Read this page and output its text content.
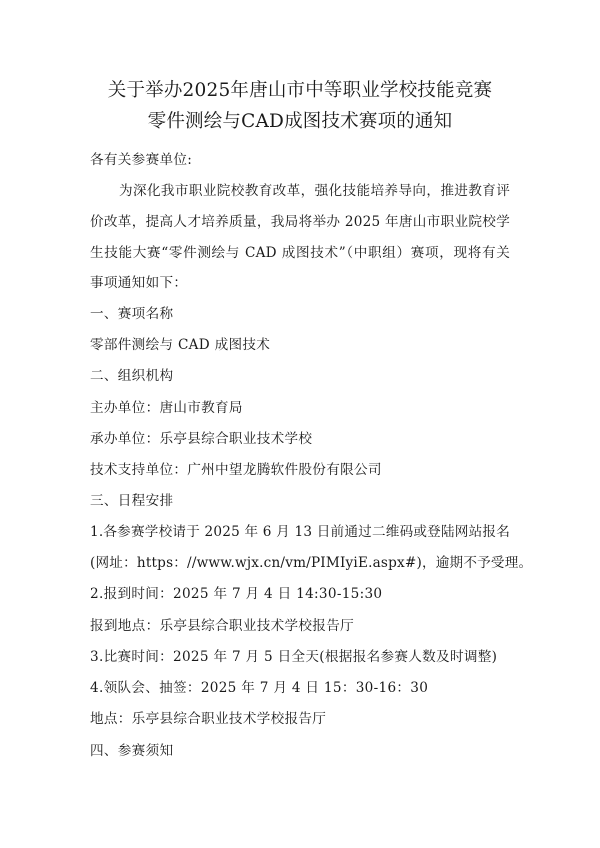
关于举办2025年唐山市中等职业学校技能竞赛
零件测绘与CAD成图技术赛项的通知
各有关参赛单位:
为深化我市职业院校教育改革，强化技能培养导向，推进教育评
价改革，提高人才培养质量，我局将举办 2025 年唐山市职业院校学
生技能大赛“零件测绘与 CAD 成图技术”（中职组）赛项，现将有关
事项通知如下：
一、赛项名称
零部件测绘与 CAD 成图技术
二、组织机构
主办单位：唐山市教育局
承办单位：乐亭县综合职业技术学校
技术支持单位：广州中望龙腾软件股份有限公司
三、日程安排
1.各参赛学校请于 2025 年 6 月 13 日前通过二维码或登陆网站报名
(网址：https：//www.wjx.cn/vm/PIMIyiE.aspx#)，逾期不予受理。
2.报到时间：2025 年 7 月 4 日 14:30-15:30
报到地点：乐亭县综合职业技术学校报告厅
3.比赛时间：2025 年 7 月 5 日全天(根据报名参赛人数及时调整)
4.领队会、抽签：2025 年 7 月 4 日 15：30-16：30
地点：乐亭县综合职业技术学校报告厅
四、参赛须知
